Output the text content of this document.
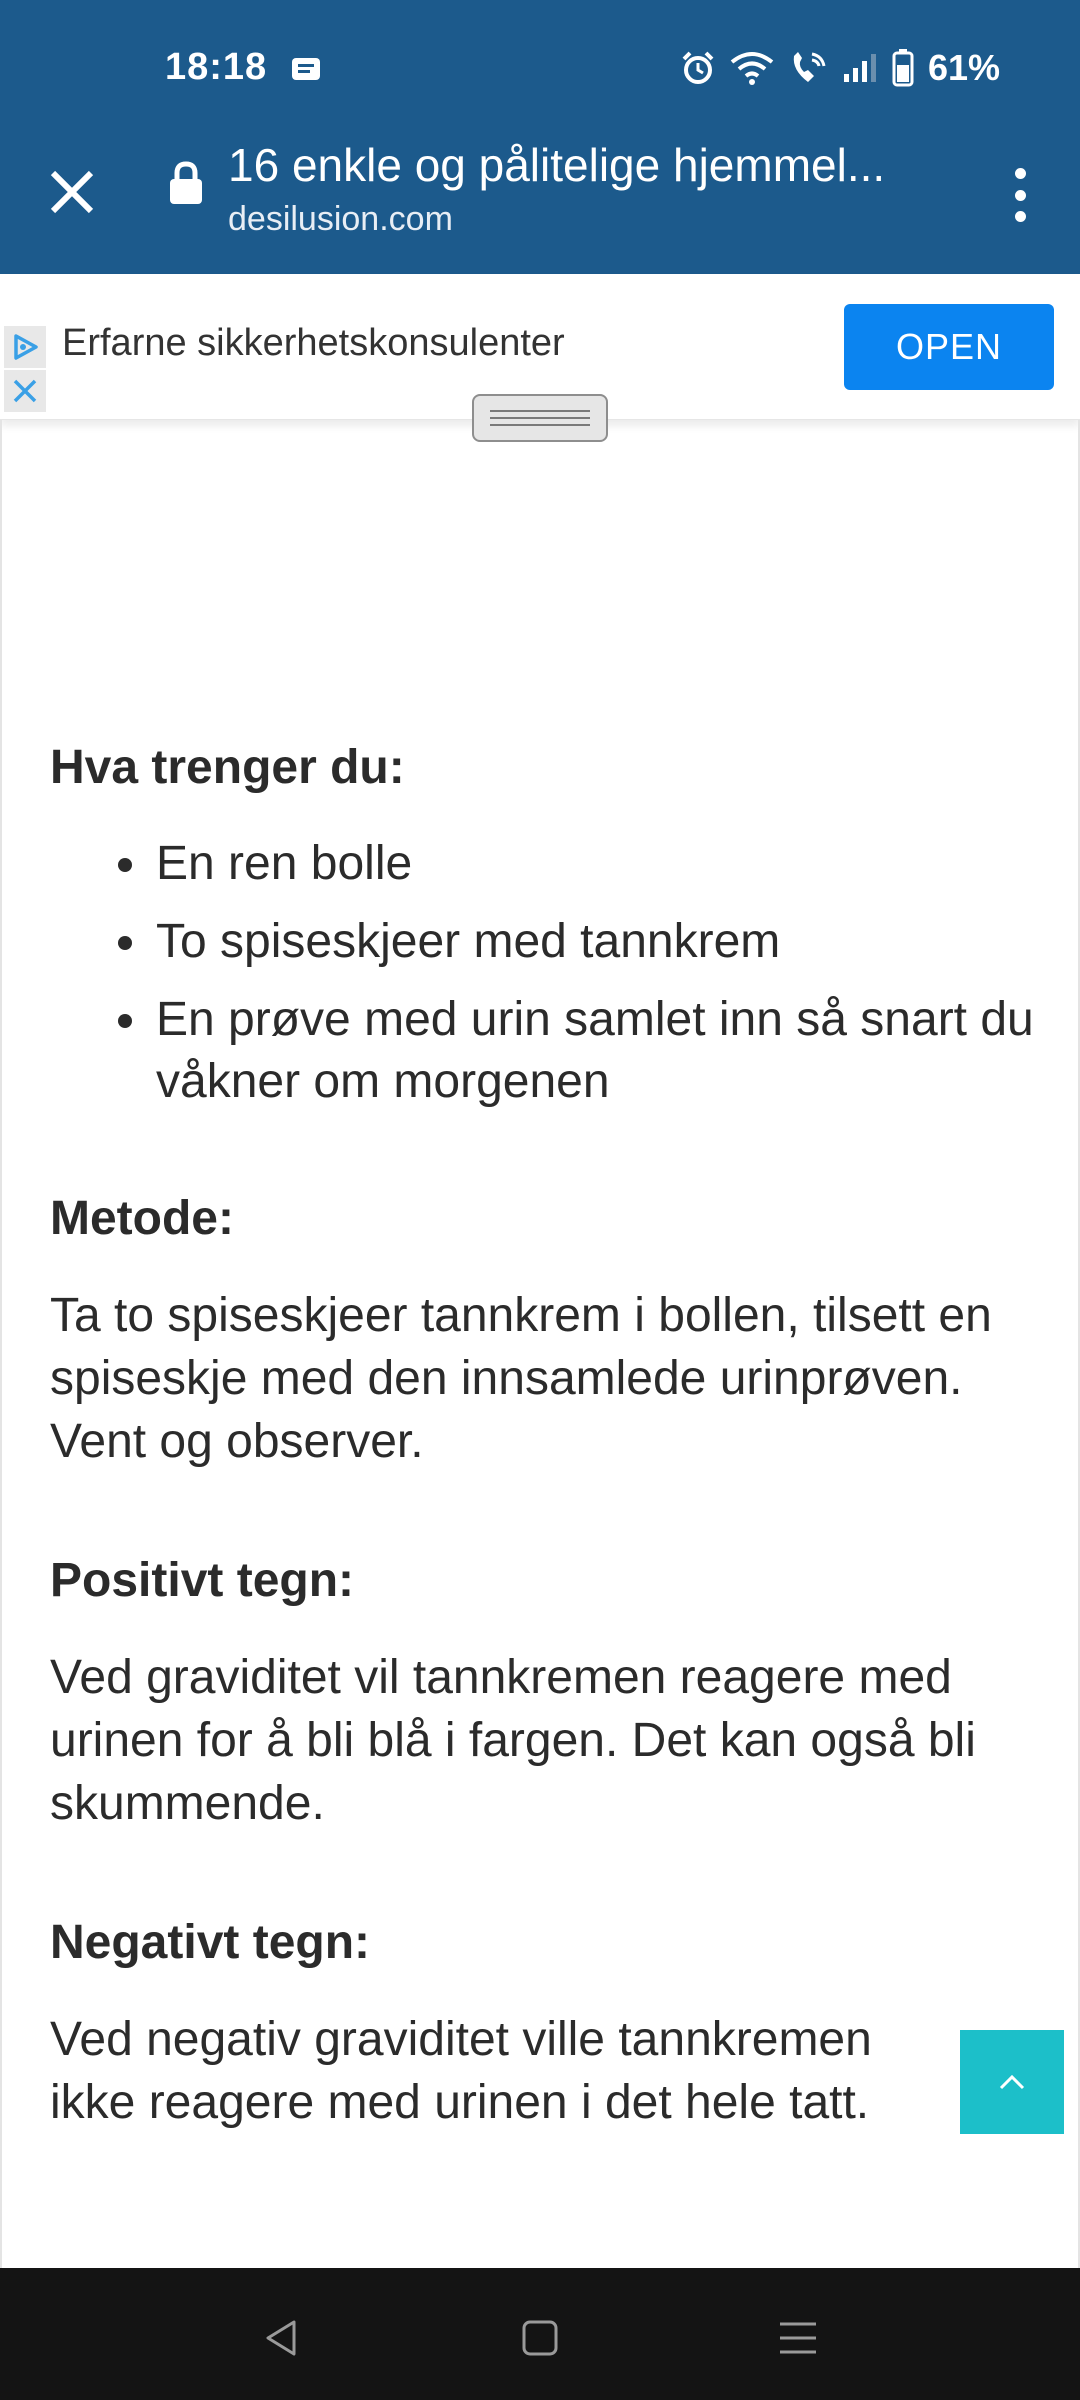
18:18	61%
16 enkle og pålitelige hjemmel...
desilusion.com
Erfarne sikkerhetskonsulenter	OPEN
Hva trenger du:
En ren bolle
To spiseskjeer med tannkrem
En prøve med urin samlet inn så snart du våkner om morgenen
Metode:

Ta to spiseskjeer tannkrem i bollen, tilsett en spiseskje med den innsamlede urinprøven. Vent og observer.

Positivt tegn:

Ved graviditet vil tannkremen reagere med urinen for å bli blå i fargen. Det kan også bli skummende.

Negativt tegn:

Ved negativ graviditet ville tannkremen ikke reagere med urinen i det hele tatt.
